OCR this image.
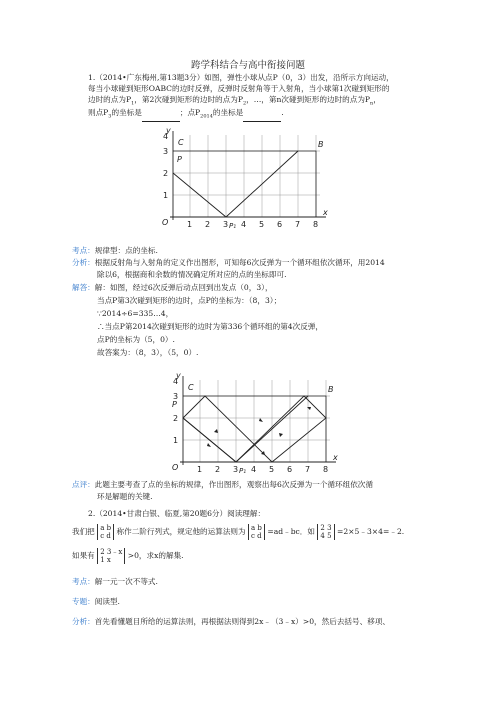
跨学科结合与高中衔接问题
1.（2014•广东梅州,第13题3分）如图，弹性小球从点P（0，3）出发，沿所示方向运动，
每当小球碰到矩形OABC的边时反弹，反弹时反射角等于入射角，当小球第1次碰到矩形的
边时的点为$P_1$，第2次碰到矩形的边时的点为$P_2$，…，第n次碰到矩形的边时的点为$P_n$，
则点$P_3$的坐标是	；点$P_{2014}$的坐标是	.
C
P
B
y
x
O
3
2
1
4
1 2 3 4 5 6 7 8
P₁
考点：规律型：点的坐标.
分析：根据反射角与入射角的定义作出图形，可知每6次反弹为一个循环组依次循环，用2014
除以6，根据商和余数的情况确定所对应的点的坐标即可.
解答：解：如图，经过6次反弹后动点回到出发点（0，3），
当点P第3次碰到矩形的边时，点P的坐标为：（8，3）；
∵2014÷6=335…4，
∴当点P第2014次碰到矩形的边时为第336个循环组的第4次反弹，
点P的坐标为（5，0）.
故答案为：（8，3），（5，0）.
C
P
B
y
x
O
3
2
1
4
1 2 3 4 5 6 7 8
P₁
点评：此题主要考查了点的坐标的规律，作出图形，观察出每6次反弹为一个循环组依次循
环是解题的关键.
2.（2014•甘肃白银、临夏,第20题6分）阅读理解：
我们把 a b
c d 称作二阶行列式，规定他的运算法则为 a b
c d =ad﹣bc．如 2 3
4 5 =2×5﹣3×4=﹣2.
如果有 2 3﹣x
1 x >0，求x的解集.
考点：解一元一次不等式.
专题：阅读型.
分析：首先看懂题目所给的运算法则，再根据法则得到2x﹣（3﹣x）>0，然后去括号、移项、
